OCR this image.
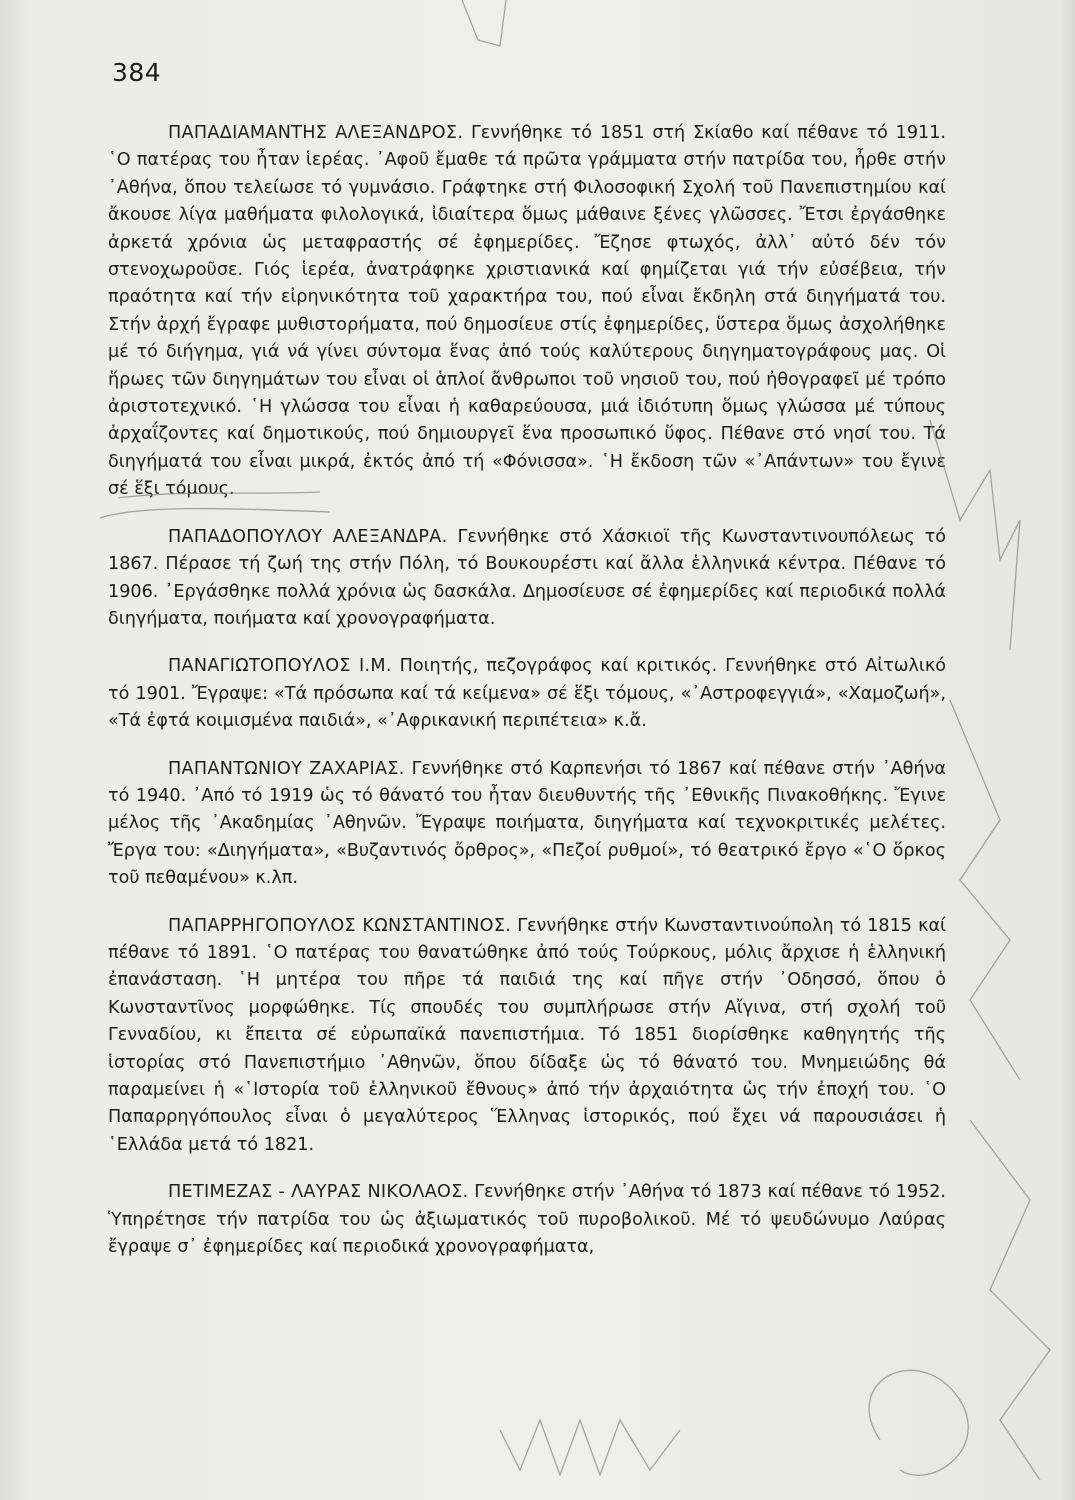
384

ΠΑΠΑΔΙΑΜΑΝΤΗΣ ΑΛΕΞΑΝΔΡΟΣ. Γεννήθηκε τό 1851 στή Σκίαθο καί πέθανε τό 1911. ῾Ο πατέρας του ἦταν ἱερέας. ᾿Αφοῦ ἔμαθε τά πρῶτα γράμματα στήν πατρίδα του, ἦρθε στήν ᾿Αθήνα, ὅπου τελείωσε τό γυμνάσιο. Γράφτηκε στή Φιλοσοφική Σχολή τοῦ Πανεπιστημίου καί ἄκουσε λίγα μαθήματα φιλολογικά, ἰδιαίτερα ὅμως μάθαινε ξένες γλῶσσες. Ἔτσι ἐργάσθηκε ἀρκετά χρόνια ὡς μεταφραστής σέ ἐφημερίδες. Ἔζησε φτωχός, ἀλλ᾿ αὐτό δέν τόν στενοχωροῦσε. Γιός ἱερέα, ἀνατράφηκε χριστιανικά καί φημίζεται γιά τήν εὐσέβεια, τήν πραότητα καί τήν εἰρηνικότητα τοῦ χαρακτήρα του, πού εἶναι ἔκδηλη στά διηγήματά του. Στήν ἀρχή ἔγραφε μυθιστορήματα, πού δημοσίευε στίς ἐφημερίδες, ὕστερα ὅμως ἀσχολήθηκε μέ τό διήγημα, γιά νά γίνει σύντομα ἕνας ἀπό τούς καλύτερους διηγηματογράφους μας. Οἱ ἥρωες τῶν διηγημάτων του εἶναι οἱ ἁπλοί ἄνθρωποι τοῦ νησιοῦ του, πού ἠθογραφεῖ μέ τρόπο ἀριστοτεχνικό. ῾Η γλώσσα του εἶναι ἡ καθαρεύουσα, μιά ἰδιότυπη ὅμως γλώσσα μέ τύπους ἀρχαΐζοντες καί δημοτικούς, πού δημιουργεῖ ἕνα προσωπικό ὕφος. Πέθανε στό νησί του. Τά διηγήματά του εἶναι μικρά, ἐκτός ἀπό τή «Φόνισσα». ῾Η ἔκδοση τῶν «᾿Απάντων» του ἔγινε σέ ἕξι τόμους.

ΠΑΠΑΔΟΠΟΥΛΟΥ ΑΛΕΞΑΝΔΡΑ. Γεννήθηκε στό Χάσκιοϊ τῆς Κωνσταντινουπόλεως τό 1867. Πέρασε τή ζωή της στήν Πόλη, τό Βουκουρέστι καί ἄλλα ἑλληνικά κέντρα. Πέθανε τό 1906. ᾿Εργάσθηκε πολλά χρόνια ὡς δασκάλα. Δημοσίευσε σέ ἐφημερίδες καί περιοδικά πολλά διηγήματα, ποιήματα καί χρονογραφήματα.

ΠΑΝΑΓΙΩΤΟΠΟΥΛΟΣ Ι.Μ. Ποιητής, πεζογράφος καί κριτικός. Γεννήθηκε στό Αἰτωλικό τό 1901. Ἔγραψε: «Τά πρόσωπα καί τά κείμενα» σέ ἕξι τόμους, «᾿Αστροφεγγιά», «Χαμοζωή», «Τά ἐφτά κοιμισμένα παιδιά», «᾿Αφρικανική περιπέτεια» κ.ἄ.

ΠΑΠΑΝΤΩΝΙΟΥ ΖΑΧΑΡΙΑΣ. Γεννήθηκε στό Καρπενήσι τό 1867 καί πέθανε στήν ᾿Αθήνα τό 1940. ᾿Από τό 1919 ὡς τό θάνατό του ἦταν διευθυντής τῆς ᾿Εθνικῆς Πινακοθήκης. Ἔγινε μέλος τῆς ᾿Ακαδημίας ᾿Αθηνῶν. Ἔγραψε ποιήματα, διηγήματα καί τεχνοκριτικές μελέτες. Ἔργα του: «Διηγήματα», «Βυζαντινός ὄρθρος», «Πεζοί ρυθμοί», τό θεατρικό ἔργο «῾Ο ὅρκος τοῦ πεθαμένου» κ.λπ.

ΠΑΠΑΡΡΗΓΟΠΟΥΛΟΣ ΚΩΝΣΤΑΝΤΙΝΟΣ. Γεννήθηκε στήν Κωνσταντινούπολη τό 1815 καί πέθανε τό 1891. ῾Ο πατέρας του θανατώθηκε ἀπό τούς Τούρκους, μόλις ἄρχισε ἡ ἑλληνική ἐπανάσταση. ῾Η μητέρα του πῆρε τά παιδιά της καί πῆγε στήν ᾿Οδησσό, ὅπου ὁ Κωνσταντῖνος μορφώθηκε. Τίς σπουδές του συμπλήρωσε στήν Αἴγινα, στή σχολή τοῦ Γενναδίου, κι ἔπειτα σέ εὐρωπαϊκά πανεπιστήμια. Τό 1851 διορίσθηκε καθηγητής τῆς ἱστορίας στό Πανεπιστήμιο ᾿Αθηνῶν, ὅπου δίδαξε ὡς τό θάνατό του. Μνημειώδης θά παραμείνει ἡ «῾Ιστορία τοῦ ἑλληνικοῦ ἔθνους» ἀπό τήν ἀρχαιότητα ὡς τήν ἐποχή του. ῾Ο Παπαρρηγόπουλος εἶναι ὁ μεγαλύτερος Ἕλληνας ἱστορικός, πού ἔχει νά παρουσιάσει ἡ ῾Ελλάδα μετά τό 1821.

ΠΕΤΙΜΕΖΑΣ - ΛΑΥΡΑΣ ΝΙΚΟΛΑΟΣ. Γεννήθηκε στήν ᾿Αθήνα τό 1873 καί πέθανε τό 1952. Ὑπηρέτησε τήν πατρίδα του ὡς ἀξιωματικός τοῦ πυροβολικοῦ. Μέ τό ψευδώνυμο Λαύρας ἔγραψε σ᾿ ἐφημερίδες καί περιοδικά χρονογραφήματα,
